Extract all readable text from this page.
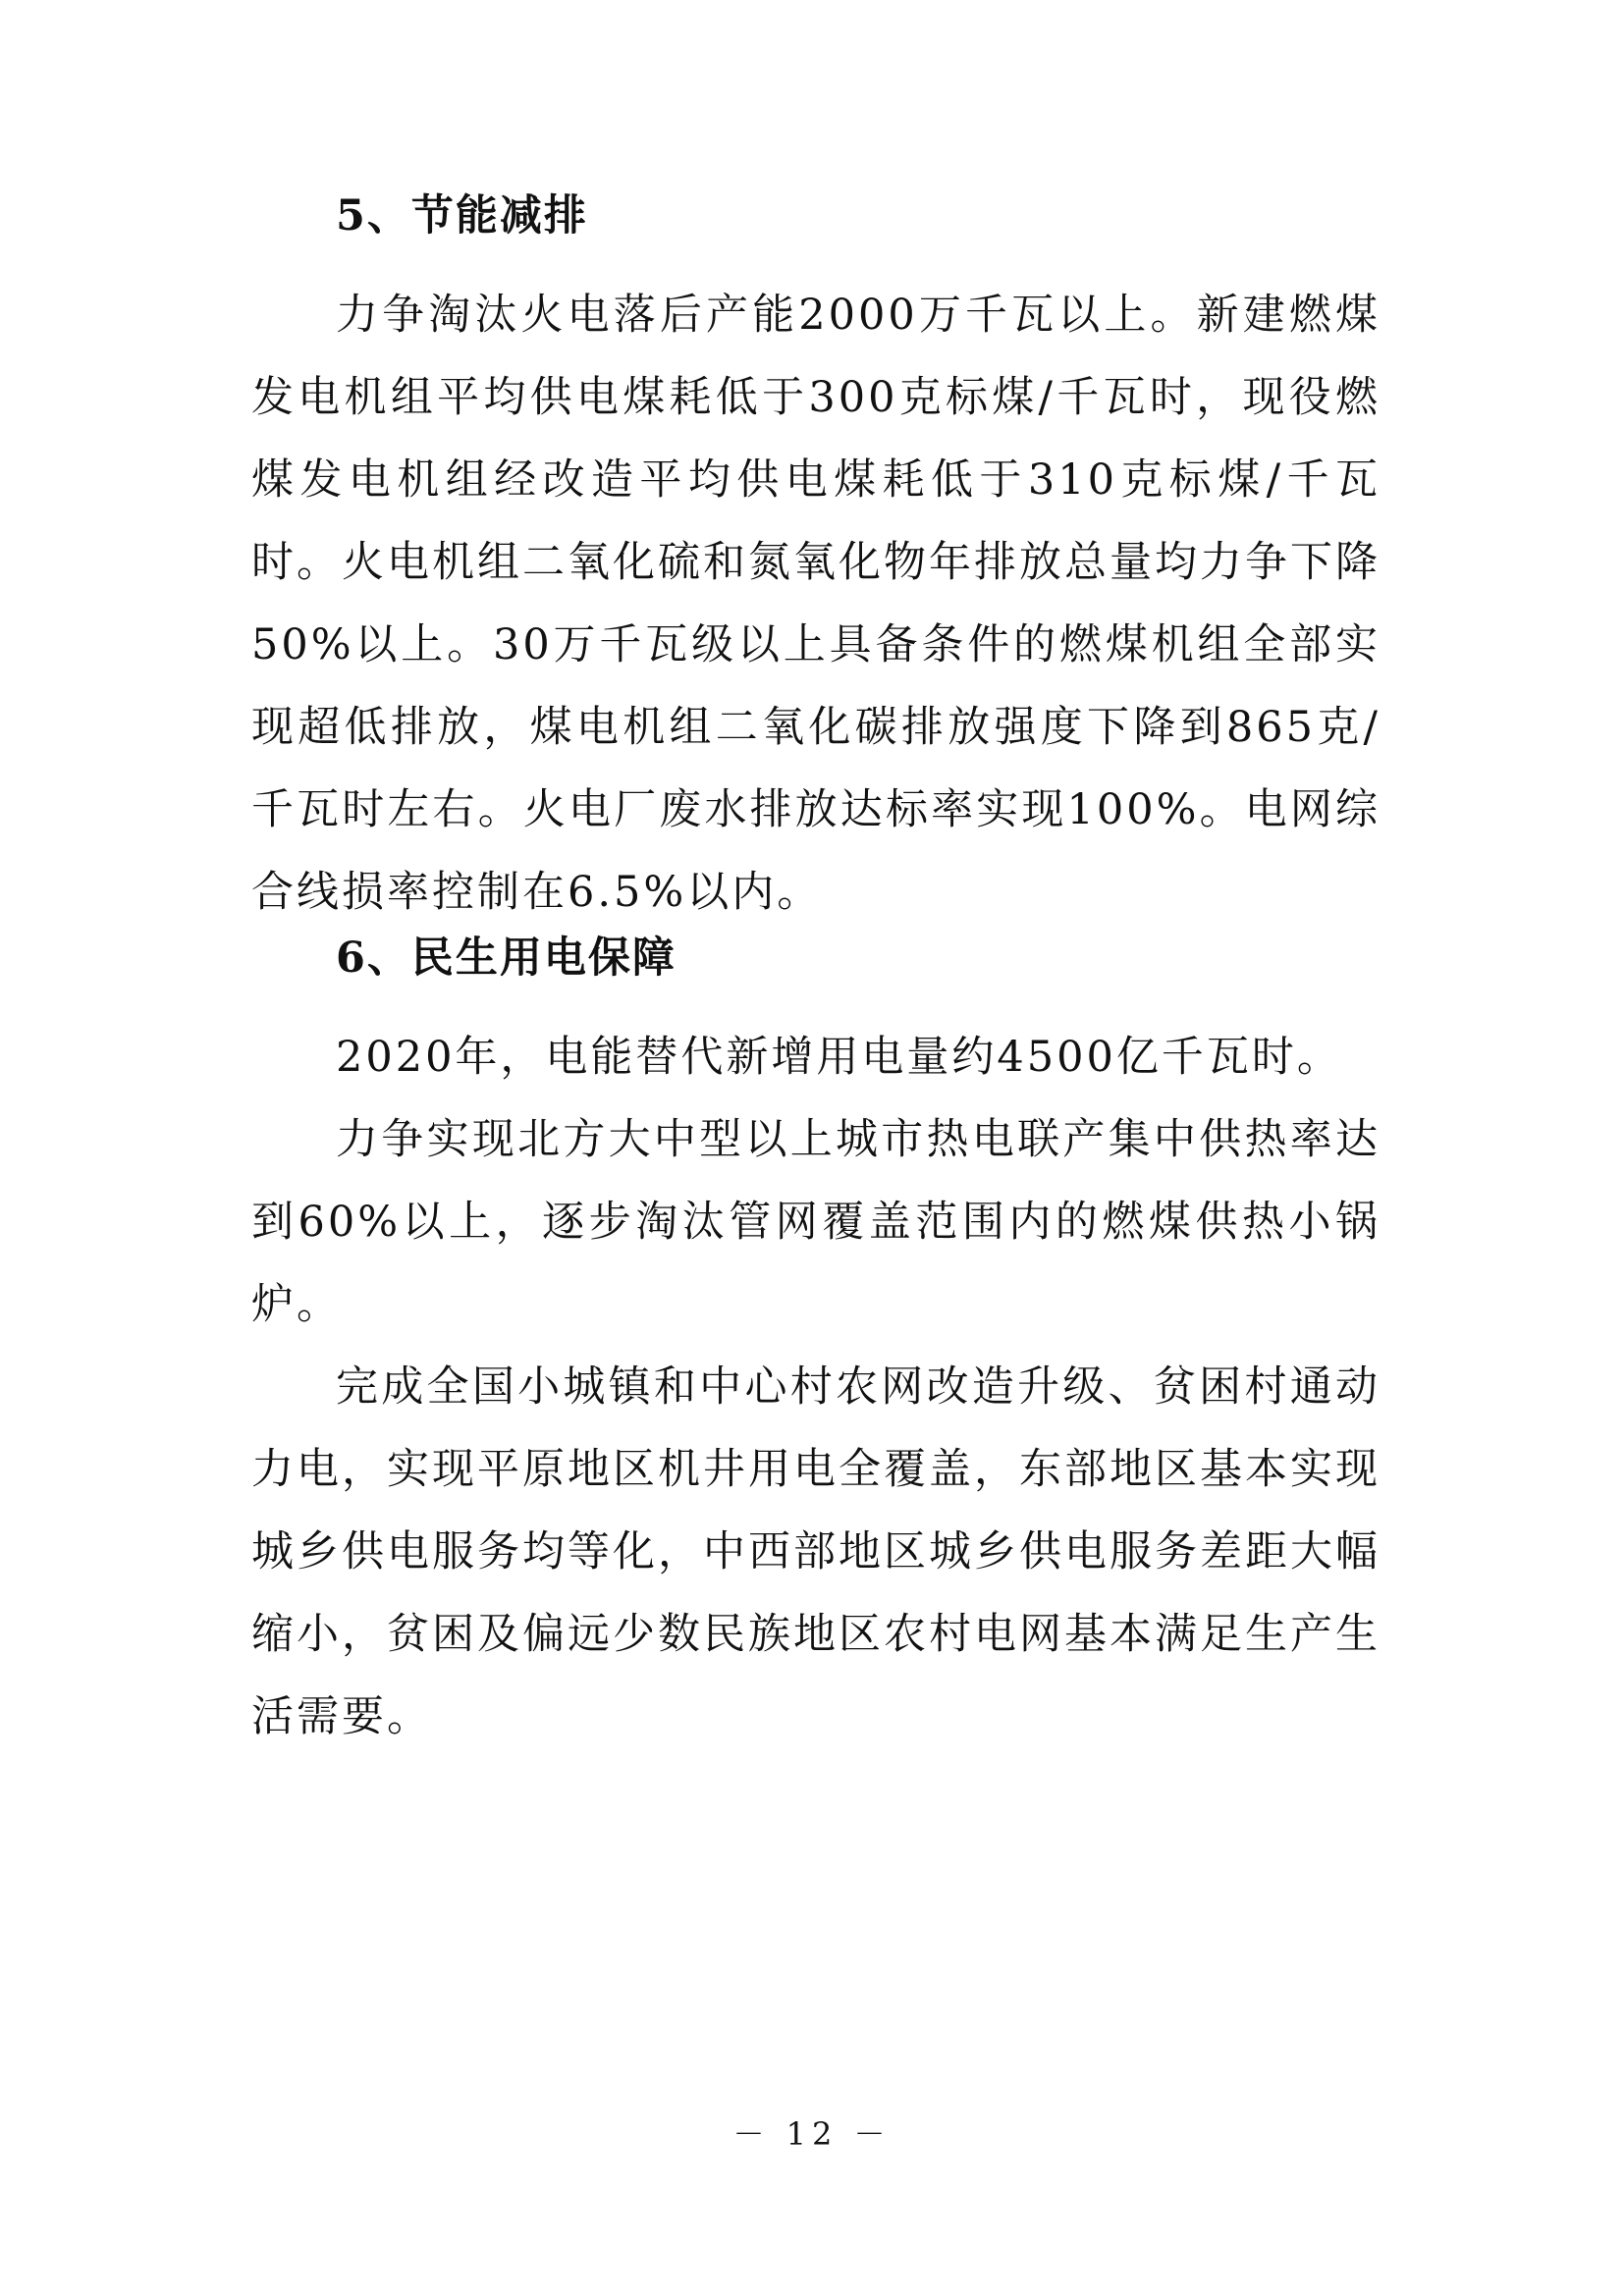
5、节能减排

力争淘汰火电落后产能2000万千瓦以上。新建燃煤发电机组平均供电煤耗低于300克标煤/千瓦时，现役燃煤发电机组经改造平均供电煤耗低于310克标煤/千瓦时。火电机组二氧化硫和氮氧化物年排放总量均力争下降50%以上。30万千瓦级以上具备条件的燃煤机组全部实现超低排放，煤电机组二氧化碳排放强度下降到865克/千瓦时左右。火电厂废水排放达标率实现100%。电网综合线损率控制在6.5%以内。

6、民生用电保障

2020年，电能替代新增用电量约4500亿千瓦时。

力争实现北方大中型以上城市热电联产集中供热率达到60%以上，逐步淘汰管网覆盖范围内的燃煤供热小锅炉。

完成全国小城镇和中心村农网改造升级、贫困村通动力电，实现平原地区机井用电全覆盖，东部地区基本实现城乡供电服务均等化，中西部地区城乡供电服务差距大幅缩小，贫困及偏远少数民族地区农村电网基本满足生产生活需要。

－ 12 －
